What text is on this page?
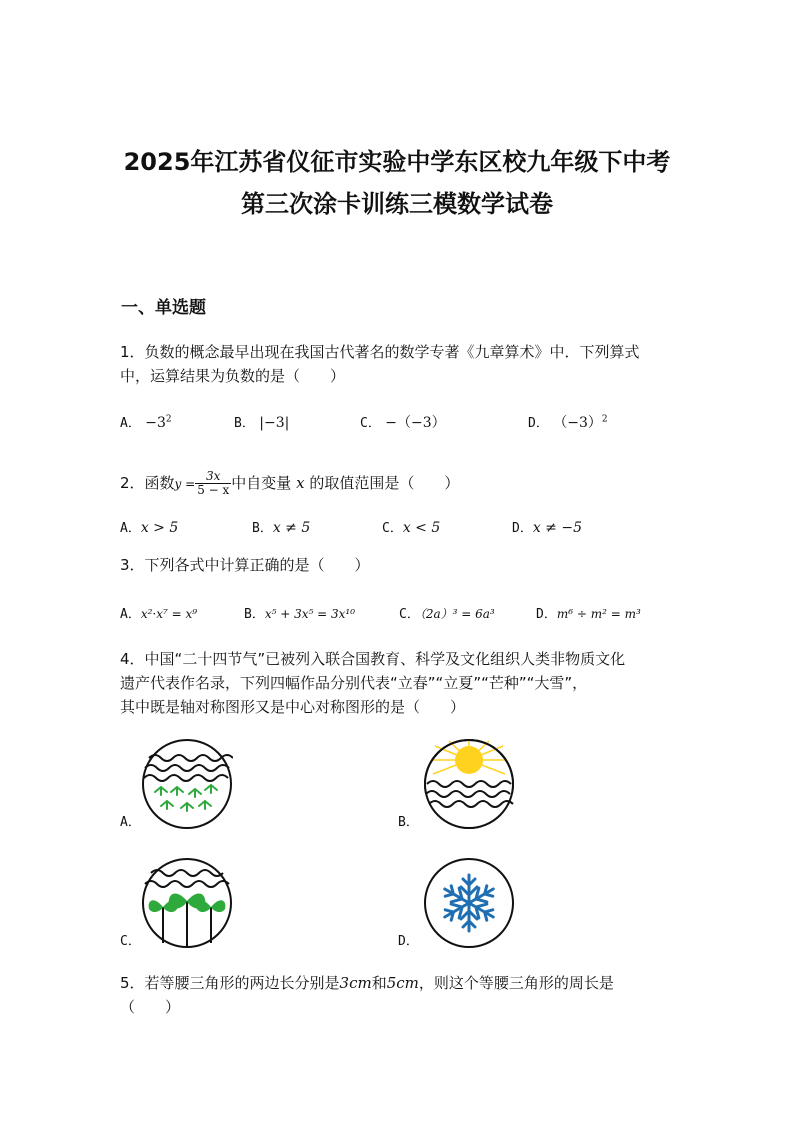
2025年江苏省仪征市实验中学东区校九年级下中考
第三次涂卡训练三模数学试卷
一、单选题
1．负数的概念最早出现在我国古代著名的数学专著《九章算术》中．下列算式
中，运算结果为负数的是（　　）
A． $-3^2$	B． |−3|	C． −（−3）	D． $(-3)^2$
2．函数$y = \frac{3x}{5 - x}$ 中自变量 x 的取值范围是（　　）
A．x > 5	B．x ≠ 5	C．x < 5	D．x ≠ −5
3．下列各式中计算正确的是（　　）
A．x²·x⁷ = x⁹	B．x⁵ + 3x⁵ = 3x¹⁰	C．（2a）³ = 6a³	D．m⁶ ÷ m² = m³
4．中国“二十四节气”已被列入联合国教育、科学及文化组织人类非物质文化
遗产代表作名录，下列四幅作品分别代表“立春”“立夏”“芒种”“大雪”，
其中既是轴对称图形又是中心对称图形的是（　　）
A．	B．
C．	D．
5．若等腰三角形的两边长分别是3cm和5cm，则这个等腰三角形的周长是
（　　）
